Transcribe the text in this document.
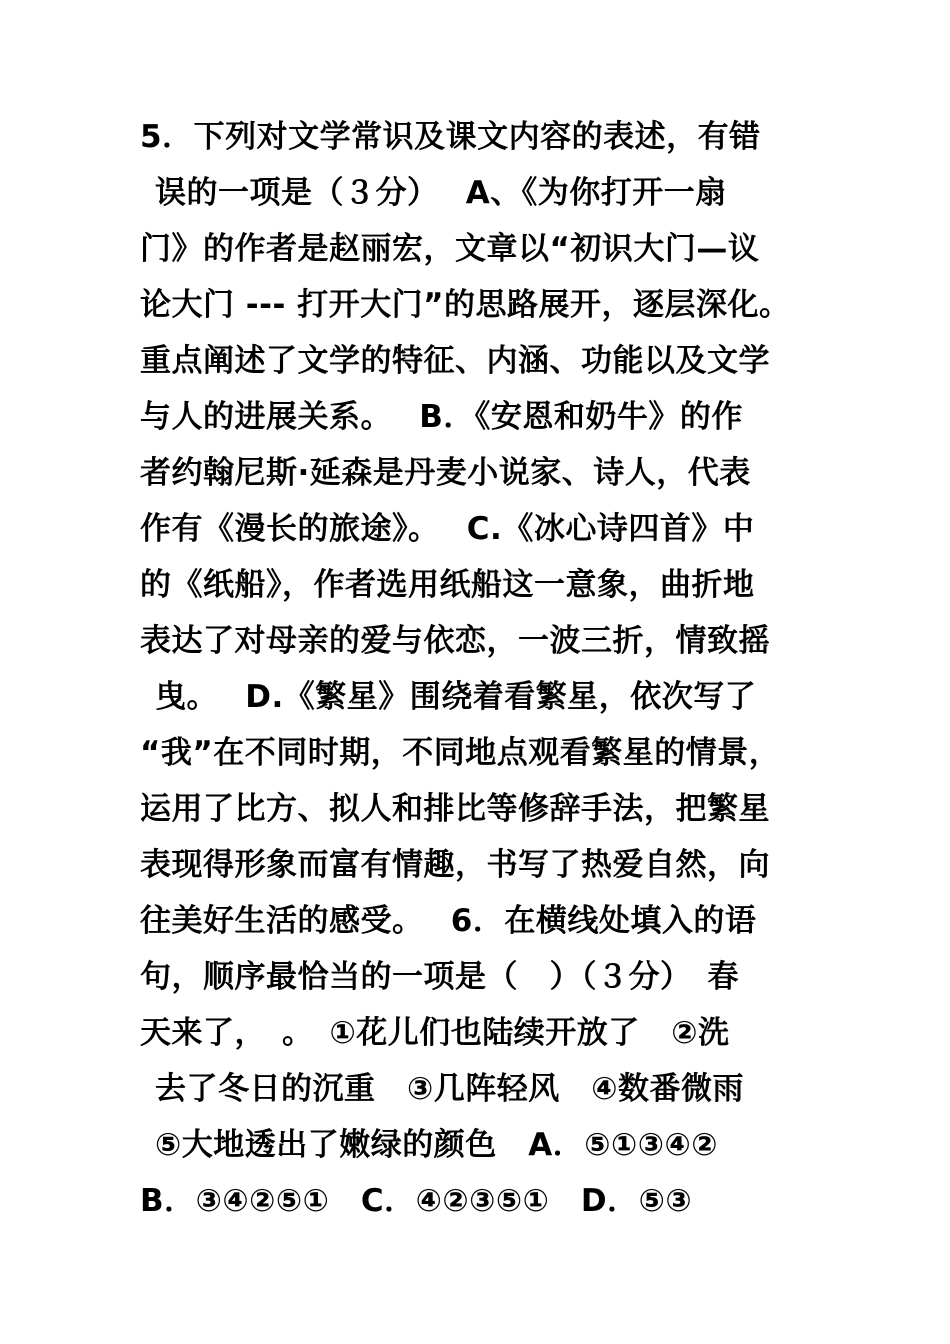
5．下列对文学常识及课文内容的表述，有错
误的一项是（３分）　 A、《为你打开一扇
门》的作者是赵丽宏，文章以“初识大门—议
论大门 --- 打开大门”的思路展开，逐层深化。
重点阐述了文学的特征、内涵、功能以及文学
与人的进展关系。　 B．《安恩和奶牛》的作
者约翰尼斯·延森是丹麦小说家、诗人，代表
作有《漫长的旅途》。　 C.《冰心诗四首》中
的《纸船》，作者选用纸船这一意象，曲折地
表达了对母亲的爱与依恋，一波三折，情致摇
曳。　 D.《繁星》围绕着看繁星，依次写了
“我”在不同时期，不同地点观看繁星的情景，
运用了比方、拟人和排比等修辞手法，把繁星
表现得形象而富有情趣，书写了热爱自然，向
往美好生活的感受。　 6．在横线处填入的语
句，顺序最恰当的一项是（　）（３分）　春
天来了，　。　①花儿们也陆续开放了　②洗
去了冬日的沉重　③几阵轻风　④数番微雨
⑤大地透出了嫩绿的颜色　A．⑤①③④②
B．③④②⑤①　C．④②③⑤①　D．⑤③
